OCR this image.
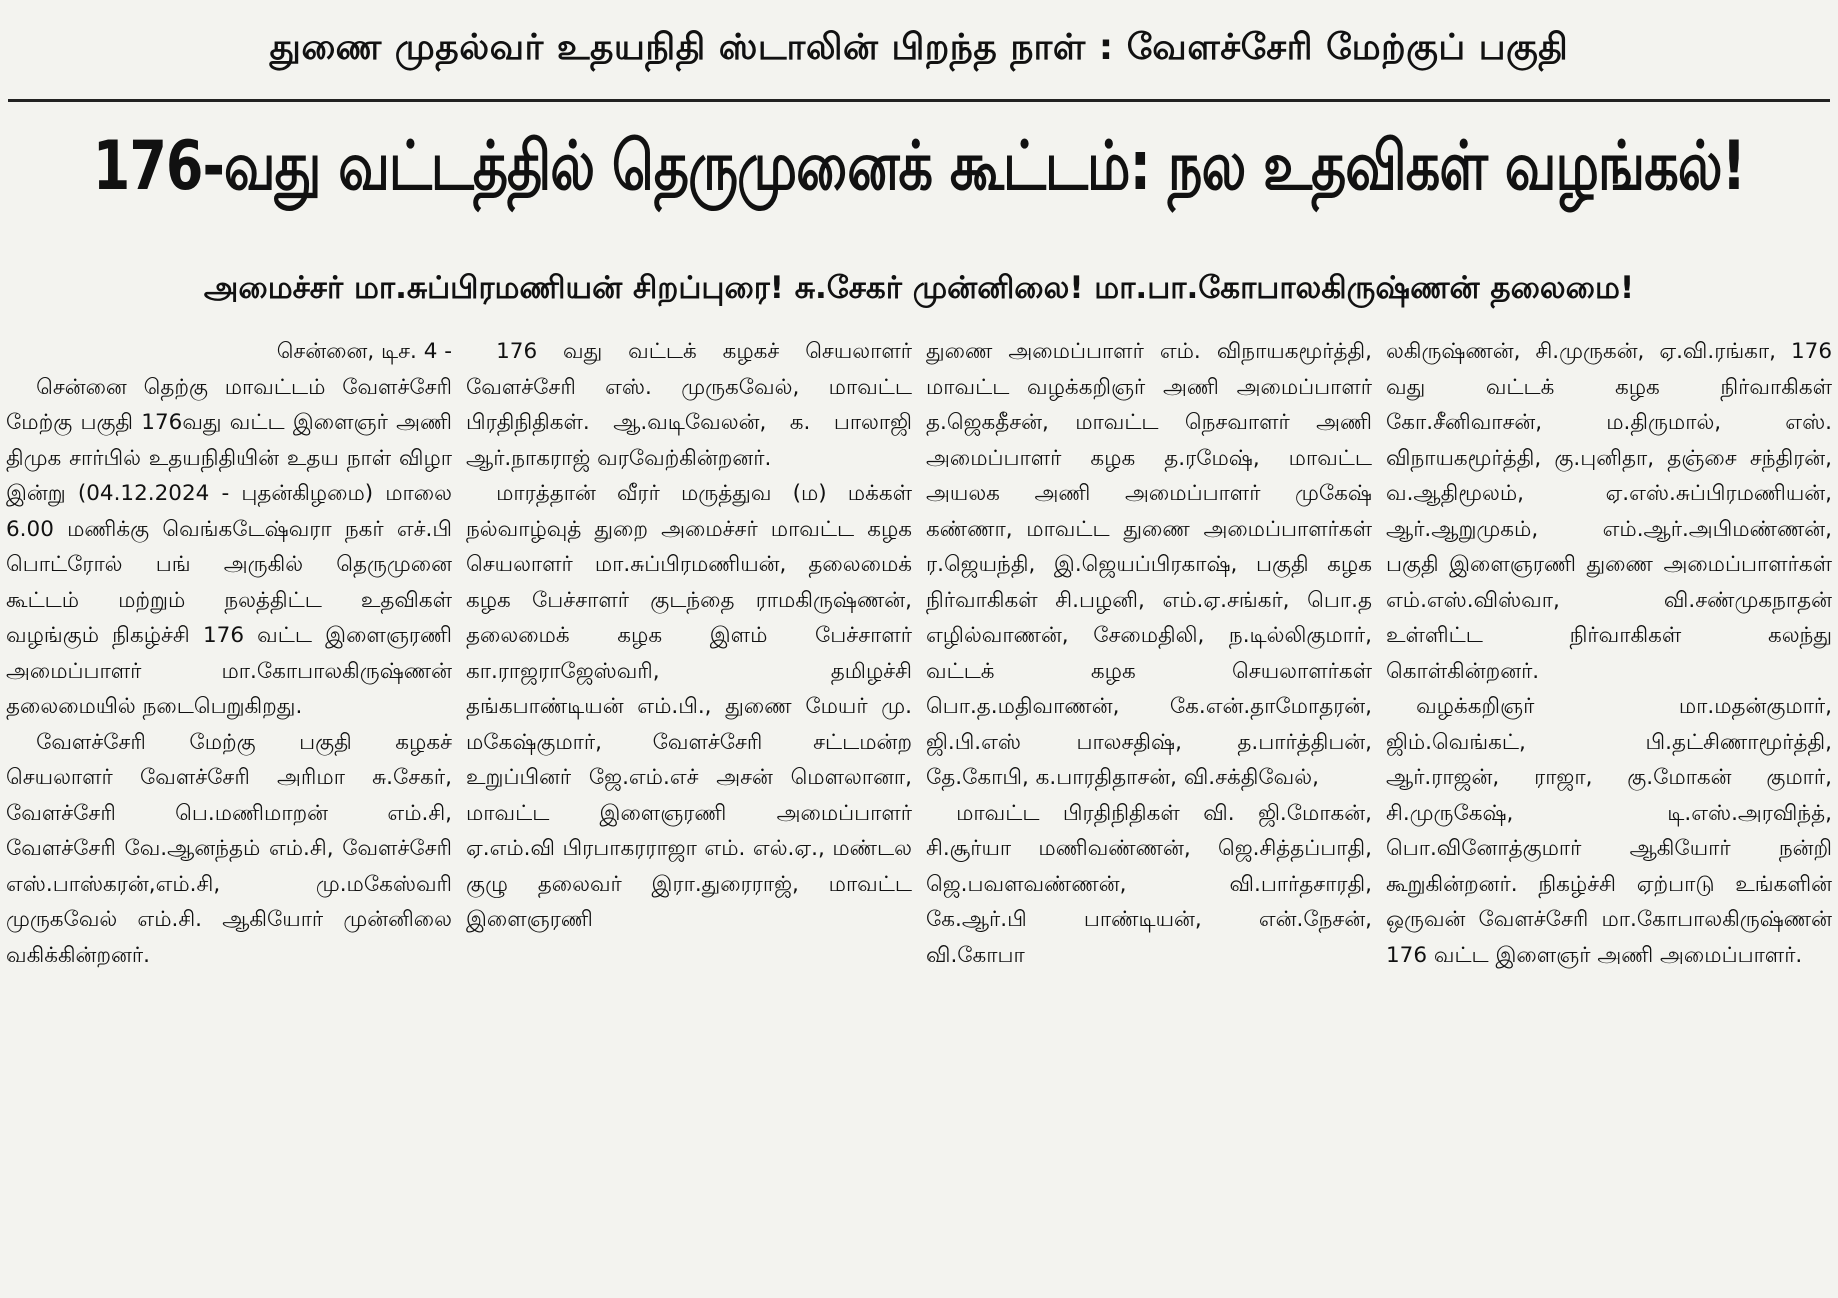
துணை முதல்வர் உதயநிதி ஸ்டாலின் பிறந்த நாள் : வேளச்சேரி மேற்குப் பகுதி
176-வது வட்டத்தில் தெருமுனைக் கூட்டம்: நல உதவிகள் வழங்கல்!
அமைச்சர் மா.சுப்பிரமணியன் சிறப்புரை! சு.சேகர் முன்னிலை! மா.பா.கோபாலகிருஷ்ணன் தலைமை!
சென்னை, டிச. 4 -

சென்னை தெற்கு மாவட்டம் வேளச்சேரி மேற்கு பகுதி 176வது வட்ட இளைஞர் அணி திமுக சார்பில் உதயநிதியின் உதய நாள் விழா இன்று (04.12.2024 - புதன்கிழமை) மாலை 6.00 மணிக்கு வெங்கடேஷ்வரா நகர் எச்.பி பொட்ரோல் பங் அருகில் தெருமுனை கூட்டம் மற்றும் நலத்திட்ட உதவிகள் வழங்கும் நிகழ்ச்சி 176 வட்ட இளைஞரணி அமைப்பாளர் மா.கோபாலகிருஷ்ணன் தலைமையில் நடைபெறுகிறது.

வேளச்சேரி மேற்கு பகுதி கழகச் செயலாளர் வேளச்சேரி அரிமா சு.சேகர், வேளச்சேரி பெ.மணிமாறன் எம்.சி, வேளச்சேரி வே.ஆனந்தம் எம்.சி, வேளச்சேரி எஸ்.பாஸ்கரன்,எம்.சி, மு.மகேஸ்வரி முருகவேல் எம்.சி. ஆகியோர் முன்னிலை வகிக்கின்றனர்.

176 வது வட்டக் கழகச் செயலாளர் வேளச்சேரி எஸ். முருகவேல், மாவட்ட பிரதிநிதிகள். ஆ.வடிவேலன், க. பாலாஜி ஆர்.நாகராஜ் வரவேற்கின்றனர்.

மாரத்தான் வீரர் மருத்துவ (ம) மக்கள் நல்வாழ்வுத் துறை அமைச்சர் மாவட்ட கழக செயலாளர் மா.சுப்பிரமணியன், தலைமைக் கழக பேச்சாளர் குடந்தை ராமகிருஷ்ணன், தலைமைக் கழக இளம் பேச்சாளர் கா.ராஜராஜேஸ்வரி, தமிழச்சி தங்கபாண்டியன் எம்.பி., துணை மேயர் மு. மகேஷ்குமார், வேளச்சேரி சட்டமன்ற உறுப்பினர் ஜே.எம்.எச் அசன் மௌலானா, மாவட்ட இளைஞரணி அமைப்பாளர் ஏ.எம்.வி பிரபாகரராஜா எம். எல்.ஏ., மண்டல குழு தலைவர் இரா.துரைராஜ், மாவட்ட இளைஞரணி

துணை அமைப்பாளர் எம். விநாயகமூர்த்தி, மாவட்ட வழக்கறிஞர் அணி அமைப்பாளர் த.ஜெகதீசன், மாவட்ட நெசவாளர் அணி அமைப்பாளர் கழக த.ரமேஷ், மாவட்ட அயலக அணி அமைப்பாளர் முகேஷ் கண்ணா, மாவட்ட துணை அமைப்பாளர்கள் ர.ஜெயந்தி, இ.ஜெயப்பிரகாஷ், பகுதி கழக நிர்வாகிகள் சி.பழனி, எம்.ஏ.சங்கர், பொ.த எழில்வாணன், சேமைதிலி, ந.டில்லிகுமார், வட்டக் கழக செயலாளர்கள் பொ.த.மதிவாணன், கே.என்.தாமோதரன், ஜி.பி.எஸ் பாலசதிஷ், த.பார்த்திபன், தே.கோபி, க.பாரதிதாசன், வி.சக்திவேல்,

மாவட்ட பிரதிநிதிகள் வி. ஜி.மோகன், சி.சூர்யா மணிவண்ணன், ஜெ.சித்தப்பாதி, ஜெ.பவளவண்ணன், வி.பார்தசாரதி, கே.ஆர்.பி பாண்டியன், என்.நேசன், வி.கோபா

லகிருஷ்ணன், சி.முருகன், ஏ.வி.ரங்கா, 176 வது வட்டக் கழக நிர்வாகிகள் கோ.சீனிவாசன், ம.திருமால், எஸ். விநாயகமூர்த்தி, கு.புனிதா, தஞ்சை சந்திரன், வ.ஆதிமூலம், ஏ.எஸ்.சுப்பிரமணியன், ஆர்.ஆறுமுகம், எம்.ஆர்.அபிமண்ணன், பகுதி இளைஞரணி துணை அமைப்பாளர்கள் எம்.எஸ்.விஸ்வா, வி.சண்முகநாதன் உள்ளிட்ட நிர்வாகிகள் கலந்து கொள்கின்றனர்.

வழக்கறிஞர் மா.மதன்குமார், ஜிம்.வெங்கட், பி.தட்சிணாமூர்த்தி, ஆர்.ராஜன், ராஜா, கு.மோகன் குமார், சி.முருகேஷ், டி.எஸ்.அரவிந்த், பொ.வினோத்குமார் ஆகியோர் நன்றி கூறுகின்றனர். நிகழ்ச்சி ஏற்பாடு உங்களின் ஒருவன் வேளச்சேரி மா.கோபாலகிருஷ்ணன் 176 வட்ட இளைஞர் அணி அமைப்பாளர்.
